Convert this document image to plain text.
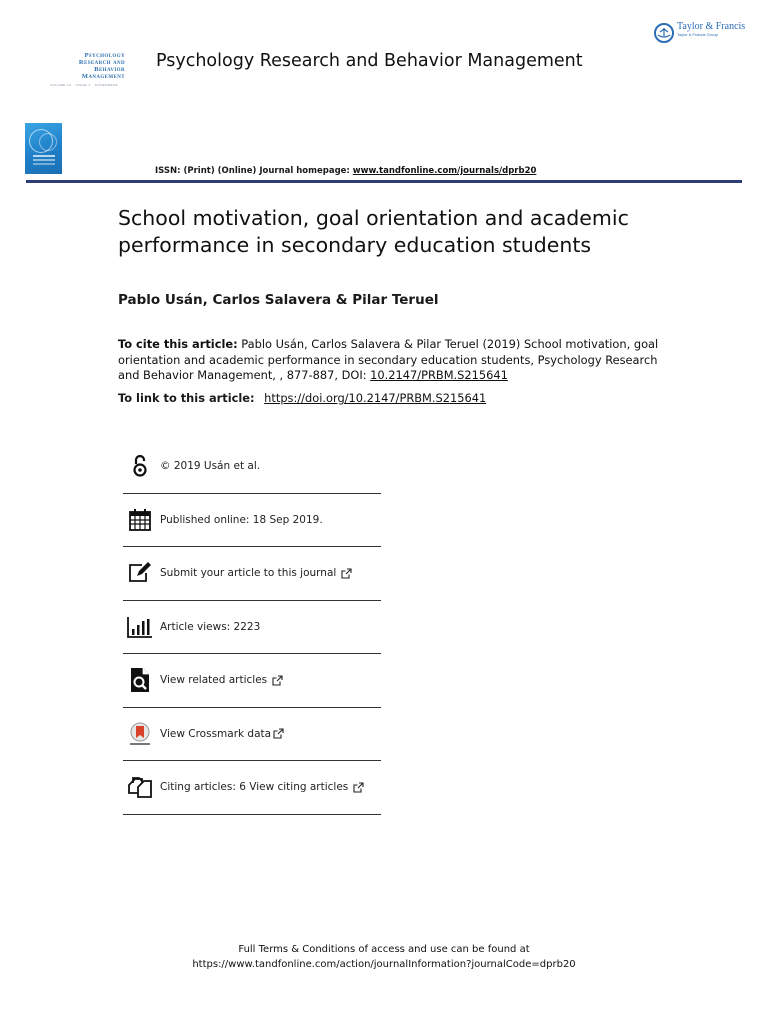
Taylor & Francis
Taylor & Francis Group
Psychology
Research and
Behavior
Management
VOLUME 12 · ISSUE 1 · DOVEPRESS
Psychology Research and Behavior Management
ISSN: (Print) (Online) Journal homepage: www.tandfonline.com/journals/dprb20
School motivation, goal orientation and academic performance in secondary education students
Pablo Usán, Carlos Salavera & Pilar Teruel
To cite this article: Pablo Usán, Carlos Salavera & Pilar Teruel (2019) School motivation, goal orientation and academic performance in secondary education students, Psychology Research and Behavior Management, , 877-887, DOI: 10.2147/PRBM.S215641
To link to this article: https://doi.org/10.2147/PRBM.S215641
© 2019 Usán et al.
Published online: 18 Sep 2019.
Submit your article to this journal
Article views: 2223
View related articles
View Crossmark data
Citing articles: 6 View citing articles
Full Terms & Conditions of access and use can be found at
https://www.tandfonline.com/action/journalInformation?journalCode=dprb20
